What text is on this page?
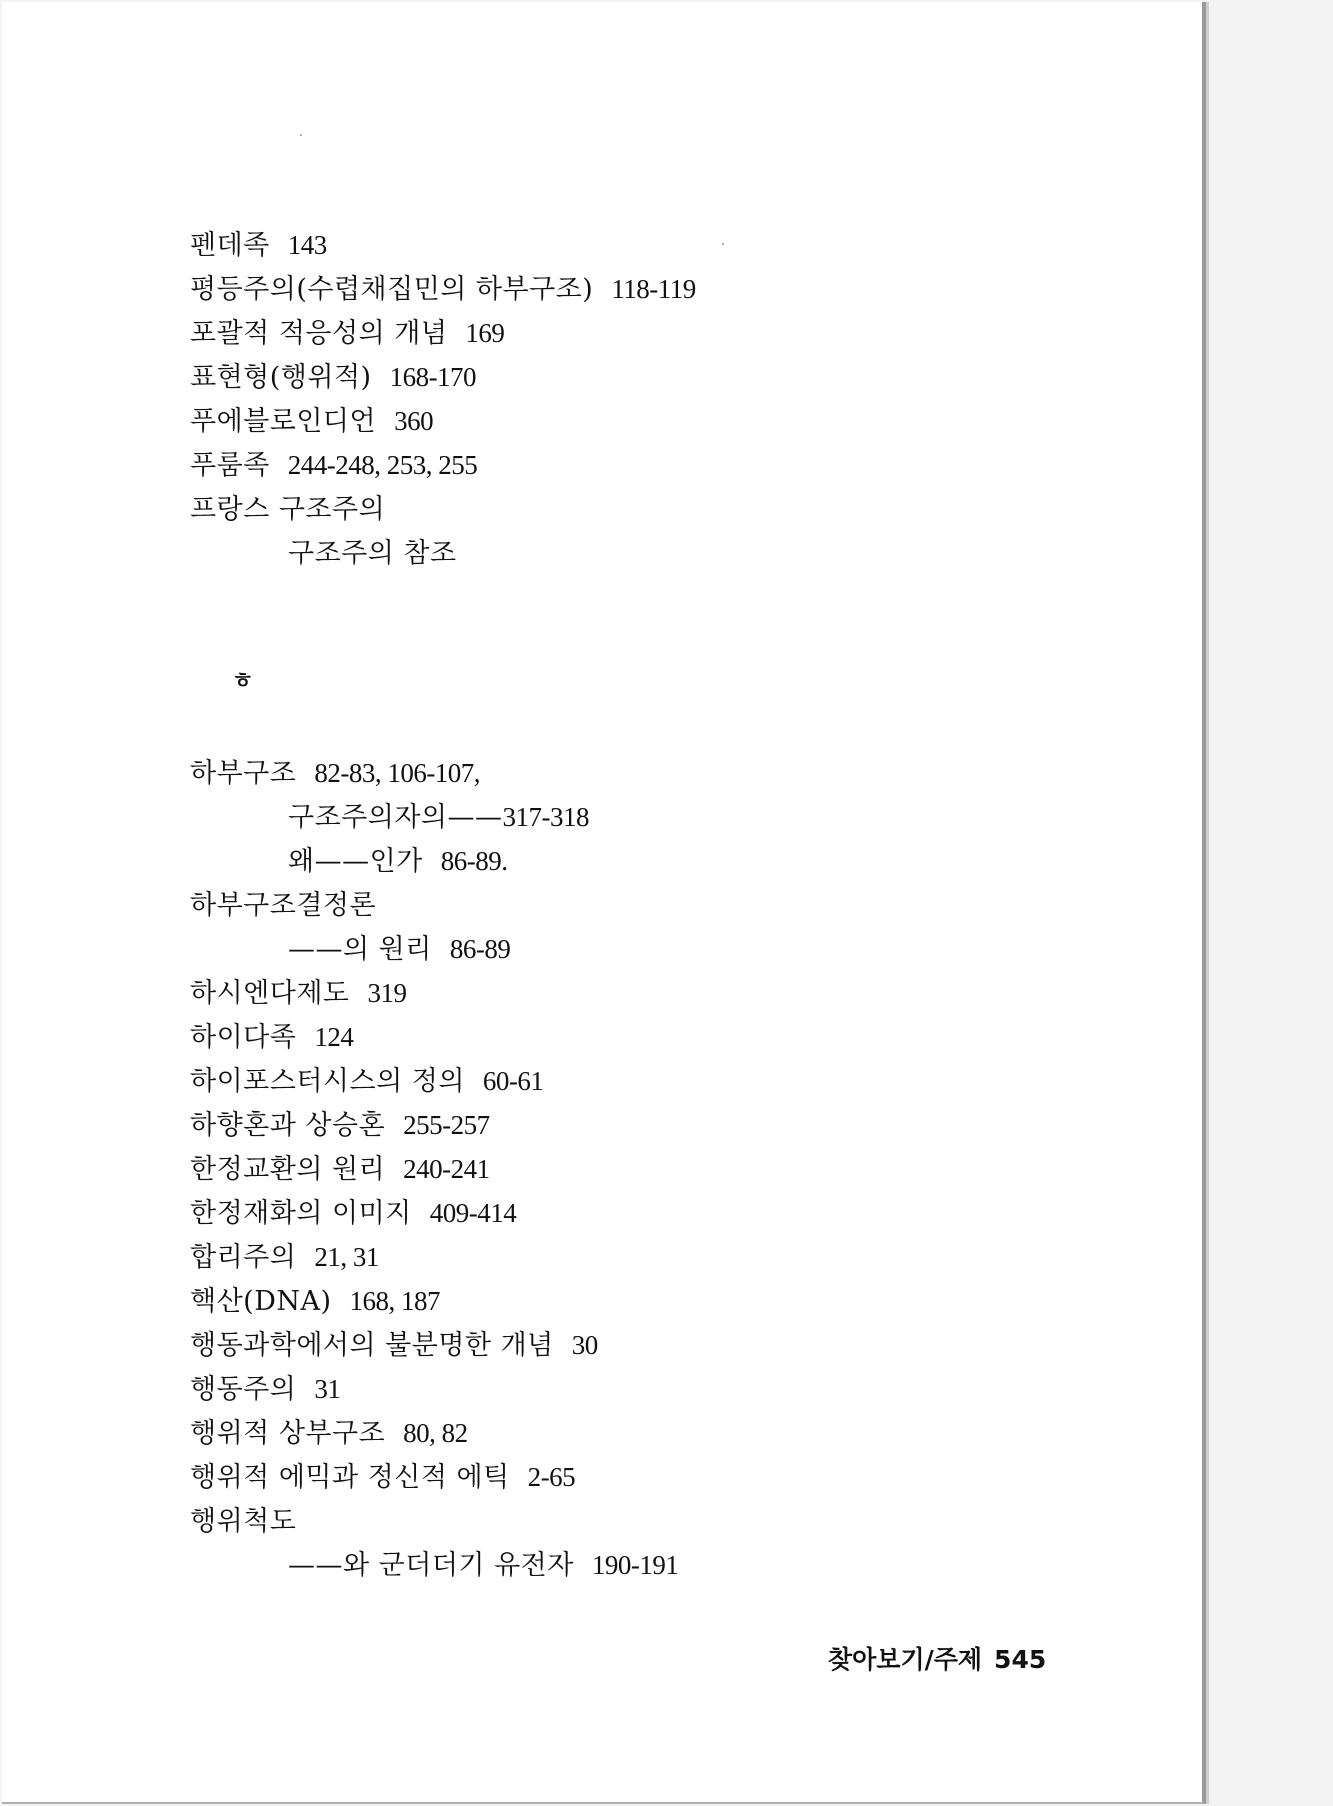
펜데족 143
평등주의(수렵채집민의 하부구조) 118-119
포괄적 적응성의 개념 169
표현형(행위적) 168-170
푸에블로인디언 360
푸룸족 244-248, 253, 255
프랑스 구조주의
구조주의 참조
ㅎ
하부구조 82-83, 106-107,
구조주의자의——317-318
왜——인가 86-89.
하부구조결정론
——의 원리 86-89
하시엔다제도 319
하이다족 124
하이포스터시스의 정의 60-61
하향혼과 상승혼 255-257
한정교환의 원리 240-241
한정재화의 이미지 409-414
합리주의 21, 31
핵산(DNA) 168, 187
행동과학에서의 불분명한 개념 30
행동주의 31
행위적 상부구조 80, 82
행위적 에믹과 정신적 에틱 2-65
행위척도
——와 군더더기 유전자 190-191
찾아보기/주제 545
